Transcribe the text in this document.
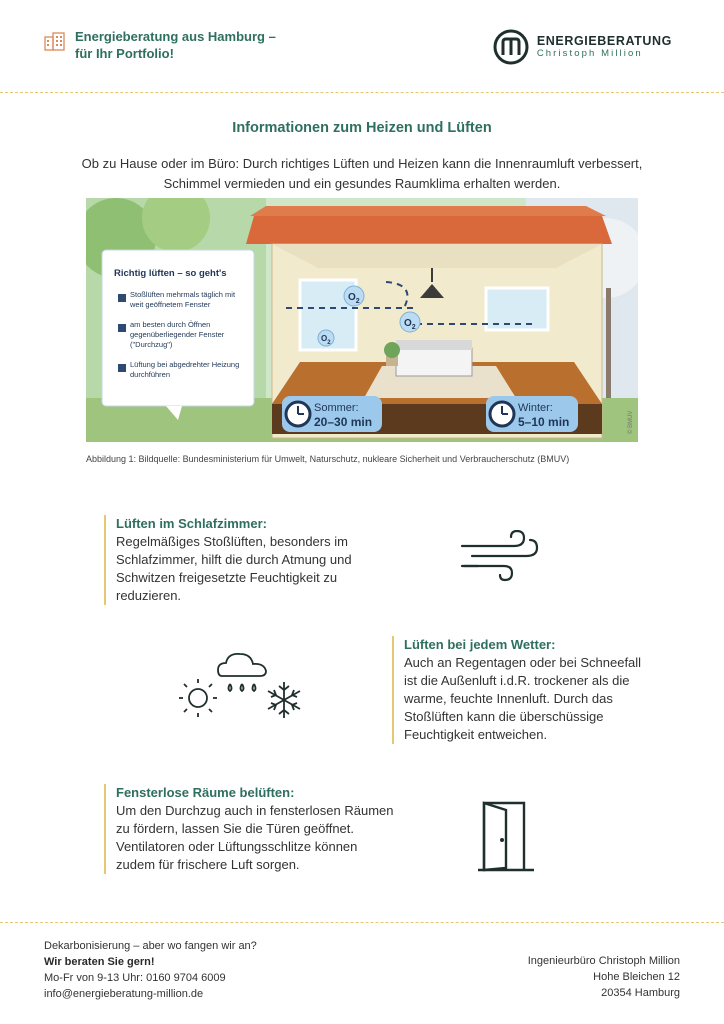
Energieberatung aus Hamburg –
für Ihr Portfolio!
ENERGIEBERATUNG
Christoph Million
Informationen zum Heizen und Lüften
Ob zu Hause oder im Büro: Durch richtiges Lüften und Heizen kann die Innenraumluft verbessert, Schimmel vermieden und ein gesundes Raumklima erhalten werden.
$O_2$
$O_2$
$O_2$
Richtig lüften – so geht's
Stoßlüften mehrmals täglich mit weit geöffnetem Fenster
am besten durch Öffnen gegenüberliegender Fenster ("Durchzug")
Lüftung bei abgedrehter Heizung durchführen
Sommer:
20–30 min
Winter:
5–10 min	© BMUV
Abbildung 1: Bildquelle: Bundesministerium für Umwelt, Naturschutz, nukleare Sicherheit und Verbraucherschutz (BMUV)
Lüften im Schlafzimmer:

Regelmäßiges Stoßlüften, besonders im Schlafzimmer, hilft die durch Atmung und Schwitzen freigesetzte Feuchtigkeit zu reduzieren.

Lüften bei jedem Wetter:

Auch an Regentagen oder bei Schneefall ist die Außenluft i.d.R. trockener als die warme, feuchte Innenluft. Durch das Stoßlüften kann die überschüssige Feuchtigkeit entweichen.

Fensterlose Räume belüften:

Um den Durchzug auch in fensterlosen Räumen zu fördern, lassen Sie die Türen geöffnet. Ventilatoren oder Lüftungsschlitze können zudem für frischere Luft sorgen.

Dekarbonisierung – aber wo fangen wir an?
Wir beraten Sie gern!
Mo-Fr von 9-13 Uhr: 0160 9704 6009
info@energieberatung-million.de
Ingenieurbüro Christoph Million
Hohe Bleichen 12
20354 Hamburg
